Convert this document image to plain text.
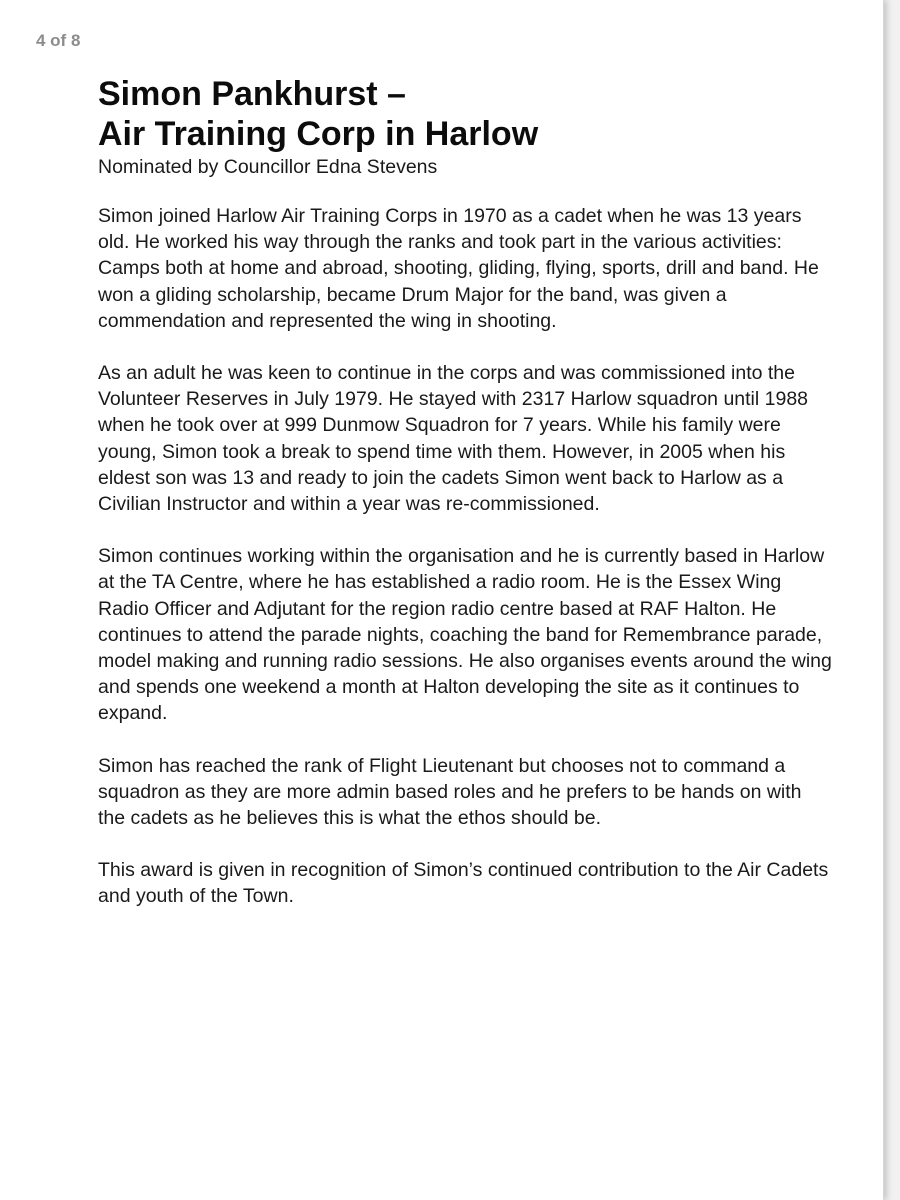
4 of 8
Simon Pankhurst –
Air Training Corp in Harlow

Nominated by Councillor Edna Stevens

Simon joined Harlow Air Training Corps in 1970 as a cadet when he was 13 years old. He worked his way through the ranks and took part in the various activities: Camps both at home and abroad, shooting, gliding, flying, sports, drill and band. He won a gliding scholarship, became Drum Major for the band, was given a commendation and represented the wing in shooting.

As an adult he was keen to continue in the corps and was commissioned into the Volunteer Reserves in July 1979. He stayed with 2317 Harlow squadron until 1988 when he took over at 999 Dunmow Squadron for 7 years. While his family were young, Simon took a break to spend time with them. However, in 2005 when his eldest son was 13 and ready to join the cadets Simon went back to Harlow as a Civilian Instructor and within a year was re-commissioned.

Simon continues working within the organisation and he is currently based in Harlow at the TA Centre, where he has established a radio room. He is the Essex Wing Radio Officer and Adjutant for the region radio centre based at RAF Halton. He continues to attend the parade nights, coaching the band for Remembrance parade, model making and running radio sessions. He also organises events around the wing and spends one weekend a month at Halton developing the site as it continues to expand.

Simon has reached the rank of Flight Lieutenant but chooses not to command a squadron as they are more admin based roles and he prefers to be hands on with the cadets as he believes this is what the ethos should be.

This award is given in recognition of Simon’s continued contribution to the Air Cadets and youth of the Town.
